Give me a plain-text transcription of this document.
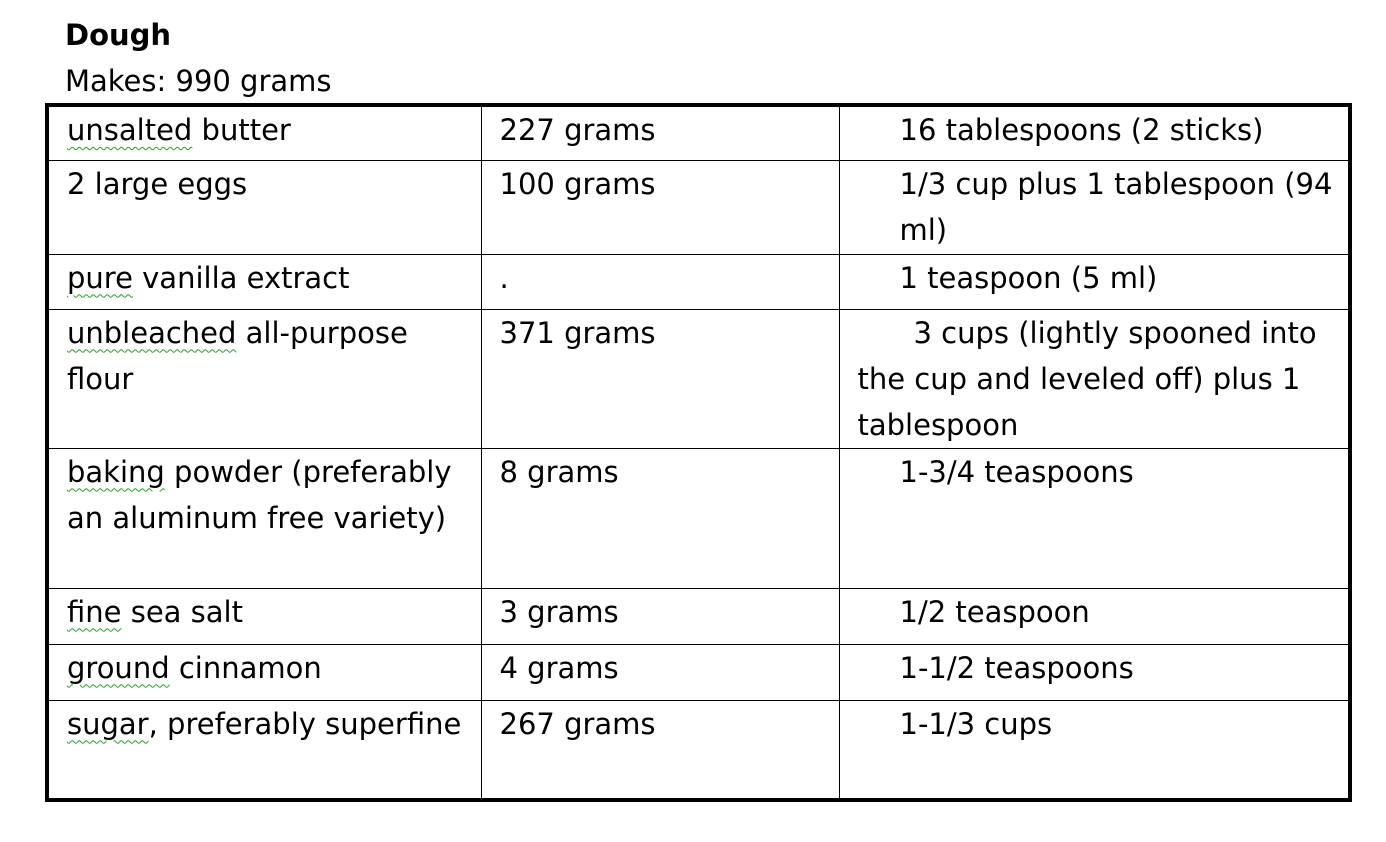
Dough
Makes: 990 grams
unsalted butter	227 grams	16 tablespoons (2 sticks)
2 large eggs	100 grams	1/3 cup plus 1 tablespoon (94 ml)
pure vanilla extract	.	1 teaspoon (5 ml)
unbleached all-purpose flour	371 grams	3 cups (lightly spooned into the cup and leveled off) plus 1 tablespoon
baking powder (preferably an aluminum free variety)	8 grams	1-3/4 teaspoons
fine sea salt	3 grams	1/2 teaspoon
ground cinnamon	4 grams	1-1/2 teaspoons
sugar, preferably superfine	267 grams	1-1/3 cups
